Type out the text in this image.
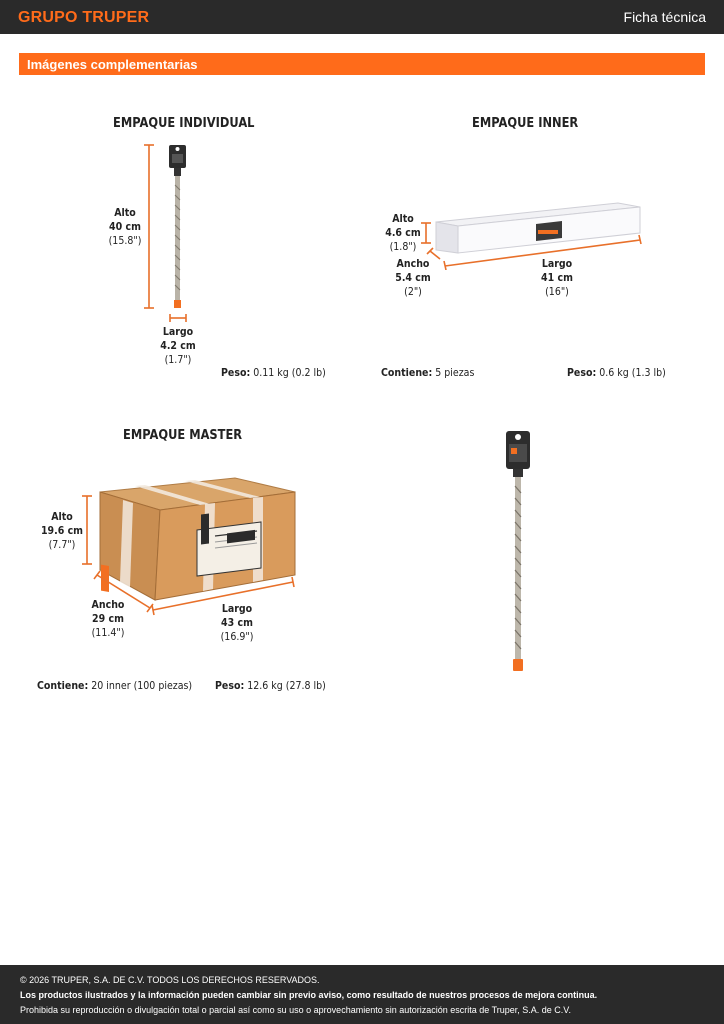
GRUPO TRUPER	Ficha técnica
Imágenes complementarias
EMPAQUE INDIVIDUAL
Alto
40 cm
(15.8")
Largo
4.2 cm
(1.7")
Peso: 0.11 kg (0.2 lb)
EMPAQUE INNER
Alto
4.6 cm
(1.8")
Ancho
5.4 cm
(2")
Largo
41 cm
(16")
Contiene: 5 piezas	Peso: 0.6 kg (1.3 lb)
EMPAQUE MASTER
Alto
19.6 cm
(7.7")
Ancho
29 cm
(11.4")
Largo
43 cm
(16.9")
Contiene: 20 inner (100 piezas) Peso: 12.6 kg (27.8 lb)
© 2026 TRUPER, S.A. DE C.V. TODOS LOS DERECHOS RESERVADOS.
Los productos ilustrados y la información pueden cambiar sin previo aviso, como resultado de nuestros procesos de mejora continua.
Prohibida su reproducción o divulgación total o parcial así como su uso o aprovechamiento sin autorización escrita de Truper, S.A. de C.V.
